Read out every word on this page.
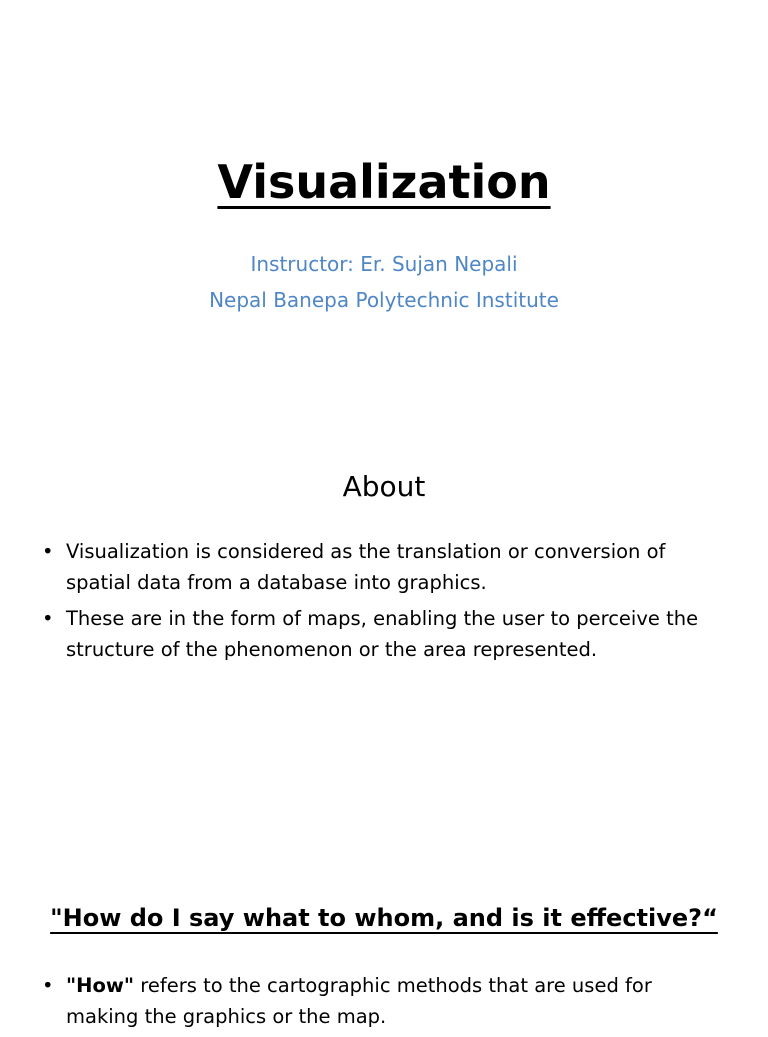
Visualization

Instructor: Er. Sujan Nepali

Nepal Banepa Polytechnic Institute

About
• Visualization is considered as the translation or conversion of spatial data from a database into graphics.
• These are in the form of maps, enabling the user to perceive the structure of the phenomenon or the area represented.
"How do I say what to whom, and is it effective?“
• "How" refers to the cartographic methods that are used for making the graphics or the map.
